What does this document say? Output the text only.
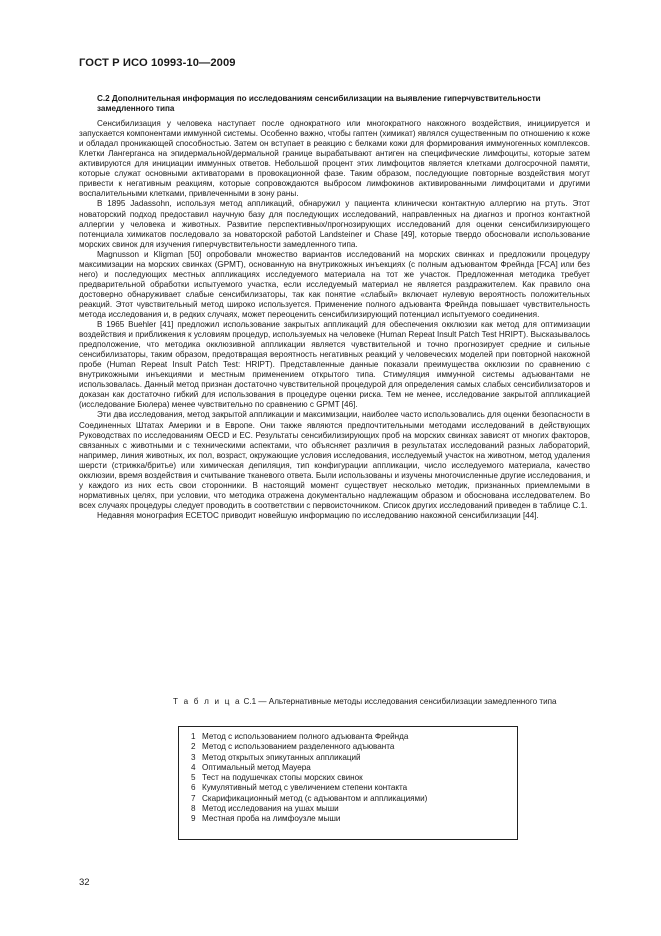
ГОСТ Р ИСО 10993-10—2009
С.2 Дополнительная информация по исследованиям сенсибилизации на выявление гиперчувствительности замедленного типа

Сенсибилизация у человека наступает после однократного или многократного накожного воздействия, инициируется и запускается компонентами иммунной системы. Особенно важно, чтобы гаптен (химикат) являлся существенным по отношению к коже и обладал проникающей способностью. Затем он вступает в реакцию с белками кожи для формирования иммуногенных комплексов. Клетки Лангерганса на эпидермальной/дермальной границе вырабатывают антиген на специфические лимфоциты, которые затем активируются для инициации иммунных ответов. Небольшой процент этих лимфоцитов является клетками долгосрочной памяти, которые служат основными активаторами в провокационной фазе. Таким образом, последующие повторные воздействия могут привести к негативным реакциям, которые сопровождаются выбросом лимфокинов активированными лимфоцитами и другими воспалительными клетками, привлеченными в зону раны.

В 1895 Jadassohn, используя метод аппликаций, обнаружил у пациента клинически контактную аллергию на ртуть. Этот новаторский подход предоставил научную базу для последующих исследований, направленных на диагноз и прогноз контактной аллергии у человека и животных. Развитие перспективных/прогнозирующих исследований для оценки сенсибилизирующего потенциала химикатов последовало за новаторской работой Landsteiner и Chase [49], которые твердо обосновали использование морских свинок для изучения гиперчувствительности замедленного типа.

Magnusson и Kligman [50] опробовали множество вариантов исследований на морских свинках и предложили процедуру максимизации на морских свинках (GPMT), основанную на внутрикожных инъекциях (с полным адъювантом Фрейнда [FCA] или без него) и последующих местных аппликациях исследуемого материала на тот же участок. Предложенная методика требует предварительной обработки испытуемого участка, если исследуемый материал не является раздражителем. Как правило она достоверно обнаруживает слабые сенсибилизаторы, так как понятие «слабый» включает нулевую вероятность положительных реакций. Этот чувствительный метод широко используется. Применение полного адъюванта Фрейнда повышает чувствительность метода исследования и, в редких случаях, может переоценить сенсибилизирующий потенциал испытуемого соединения.

В 1965 Buehler [41] предложил использование закрытых аппликаций для обеспечения окклюзии как метод для оптимизации воздействия и приближения к условиям процедур, используемых на человеке (Human Repeat Insult Patch Test HRIPT). Высказывалось предположение, что методика окклюзивной аппликации является чувствительной и точно прогнозирует средние и сильные сенсибилизаторы, таким образом, предотвращая вероятность негативных реакций у человеческих моделей при повторной накожной пробе (Human Repeat Insult Patch Test: HRIPT). Представленные данные показали преимущества окклюзии по сравнению с внутрикожными инъекциями и местным применением открытого типа. Стимуляция иммунной системы адъювантами не использовалась. Данный метод признан достаточно чувствительной процедурой для определения самых слабых сенсибилизаторов и доказан как достаточно гибкий для использования в процедуре оценки риска. Тем не менее, исследование закрытой аппликацией (исследование Бюлера) менее чувствительно по сравнению с GPMT [46].

Эти два исследования, метод закрытой аппликации и максимизации, наиболее часто использовались для оценки безопасности в Соединенных Штатах Америки и в Европе. Они также являются предпочтительными методами исследований в действующих Руководствах по исследованиям OECD и EC. Результаты сенсибилизирующих проб на морских свинках зависят от многих факторов, связанных с животными и с техническими аспектами, что объясняет различия в результатах исследований разных лабораторий, например, линия животных, их пол, возраст, окружающие условия исследования, исследуемый участок на животном, метод удаления шерсти (стрижка/бритье) или химическая депиляция, тип конфигурации аппликации, число исследуемого материала, качество окклюзии, время воздействия и считывание тканевого ответа. Были использованы и изучены многочисленные другие исследования, и у каждого из них есть свои сторонники. В настоящий момент существует несколько методик, признанных приемлемыми в нормативных целях, при условии, что методика отражена документально надлежащим образом и обоснована исследователем. Во всех случаях процедуры следует проводить в соответствии с первоисточником. Список других исследований приведен в таблице С.1.

Недавняя монография ЕСЕТОС приводит новейшую информацию по исследованию накожной сенсибилизации [44].

Т а б л и ц а С.1 — Альтернативные методы исследования сенсибилизации замедленного типа
1 Метод с использованием полного адъюванта Фрейнда
2 Метод с использованием разделенного адъюванта
3 Метод открытых эпикутанных аппликаций
4 Оптимальный метод Мауера
5 Тест на подушечках стопы морских свинок
6 Кумулятивный метод с увеличением степени контакта
7 Скарификационный метод (с адъювантом и аппликациями)
8 Метод исследования на ушах мыши
9 Местная проба на лимфоузле мыши
32
